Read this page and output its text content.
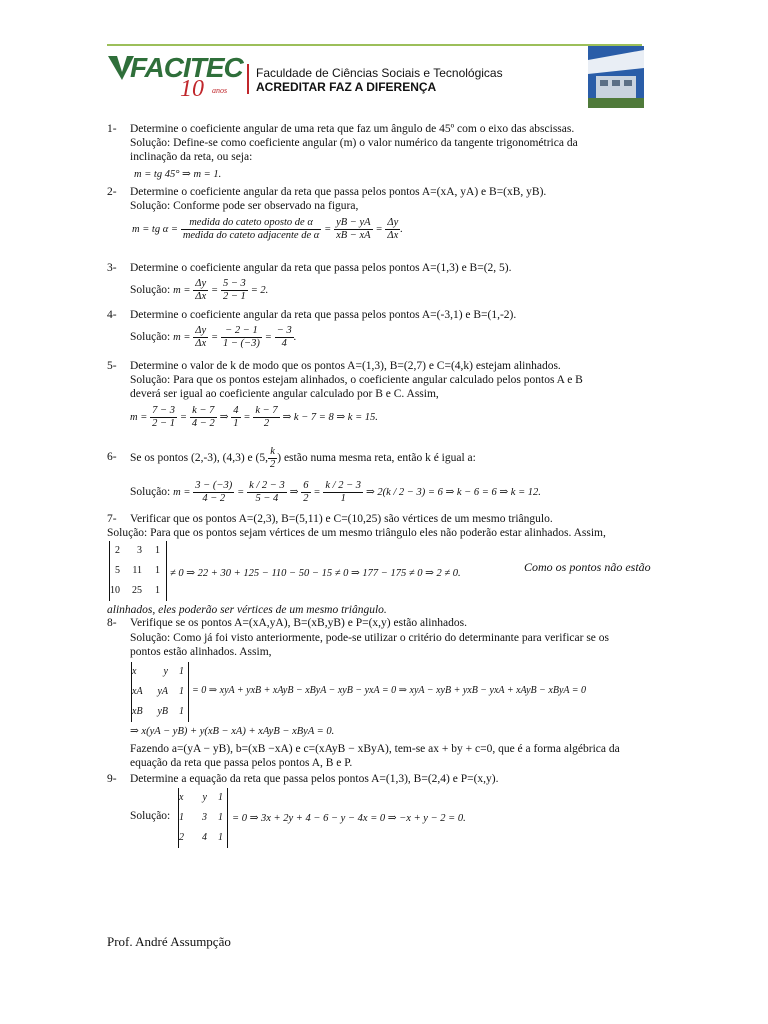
FACITEC
10 anos
Faculdade de Ciências Sociais e Tecnológicas
ACREDITAR FAZ A DIFERENÇA
1- Determine o coeficiente angular de uma reta que faz um ângulo de 45º com o eixo das abscissas.
Solução: Define-se como coeficiente angular (m) o valor numérico da tangente trigonométrica da
inclinação da reta, ou seja:
m = tg 45° ⇒ m = 1.
2- Determine o coeficiente angular da reta que passa pelos pontos A=(xA, yA) e B=(xB, yB).
Solução: Conforme pode ser observado na figura,
m = tg $\alpha = \frac{\text{medida do cateto oposto de α}}{\text{medida do cateto adjacente de α}} = \frac{yB - yA}{xB - xA} = \frac{\Delta y}{\Delta x}$ .
3- Determine o coeficiente angular da reta que passa pelos pontos A=(1,3) e B=(2, 5).
Solução: $m = \frac{\Delta y}{\Delta x} = \frac{5 - 3}{2 - 1} = 2$.
4- Determine o coeficiente angular da reta que passa pelos pontos A=(-3,1) e B=(1,-2).
Solução: $m = \frac{\Delta y}{\Delta x} = \frac{- 2 - 1}{1 - (-3)} = \frac{- 3}{4}$ .
5- Determine o valor de k de modo que os pontos A=(1,3), B=(2,7) e C=(4,k) estejam alinhados.
Solução: Para que os pontos estejam alinhados, o coeficiente angular calculado pelos pontos A e B
deverá ser igual ao coeficiente angular calculado por B e C. Assim,
$m = \frac{7 - 3}{2 - 1} = \frac{k - 7}{4 - 2}$ ⇒ $\frac{4}{1} = \frac{k - 7}{2}$ ⇒ k − 7 = 8 ⇒ k = 15.
6- Se os pontos (2,-3), (4,3) e (5, $\frac{k}{2}$ ) estão numa mesma reta, então k é igual a:
Solução: $m = \frac{3 - (-3)}{4 - 2} = \frac{k / 2 - 3}{5 - 4}$ ⇒ $\frac{6}{2} = \frac{k / 2 - 3}{1}$ ⇒ 2(k / 2 − 3) = 6 ⇒ k − 6 = 6 ⇒ k = 12.
7- Verificar que os pontos A=(2,3), B=(5,11) e C=(10,25) são vértices de um mesmo triângulo.
Solução: Para que os pontos sejam vértices de um mesmo triângulo eles não poderão estar alinhados. Assim,
2 3 1
5 11 1
10 25 1
≠ 0 ⇒ 22 + 30 + 125 − 110 − 50 − 15 ≠ 0 ⇒ 177 − 175 ≠ 0 ⇒ 2 ≠ 0.	Como os pontos não estão
alinhados, eles poderão ser vértices de um mesmo triângulo.
8- Verifique se os pontos A=(xA,yA), B=(xB,yB) e P=(x,y) estão alinhados.
Solução: Como já foi visto anteriormente, pode-se utilizar o critério do determinante para verificar se os
pontos estão alinhados. Assim,
x	y 1
xA yA 1
xB yB 1
= 0 ⇒ xyA + yxB + xAyB − xByA − xyB − yxA = 0 ⇒ xyA − xyB + yxB − yxA + xAyB − xByA = 0
⇒ x(yA − yB) + y(xB − xA) + xAyB − xByA = 0.
Fazendo a=(yA − yB), b=(xB −xA) e c=(xAyB − xByA), tem-se ax + by + c=0, que é a forma algébrica da
equação da reta que passa pelos pontos A, B e P.
9- Determine a equação da reta que passa pelos pontos A=(1,3), B=(2,4) e P=(x,y).
Solução:
x y 1
1 3 1
2 4 1
= 0 ⇒ 3x + 2y + 4 − 6 − y − 4x = 0 ⇒ −x + y − 2 = 0.
Prof. André Assumpção
